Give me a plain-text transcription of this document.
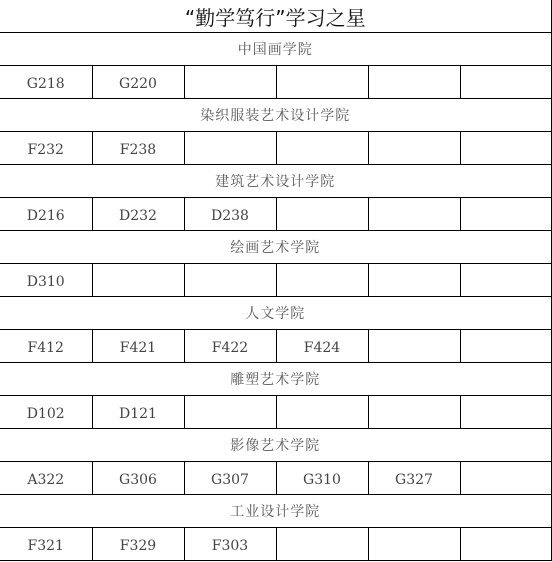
“勤学笃行”学习之星					
中国画学院					
G218	G220				
染织服装艺术设计学院					
F232	F238				
建筑艺术设计学院					
D216	D232	D238			
绘画艺术学院					
D310					
人文学院					
F412	F421	F422	F424		
雕塑艺术学院					
D102	D121				
影像艺术学院					
A322	G306	G307	G310	G327	
工业设计学院					
F321	F329	F303			
